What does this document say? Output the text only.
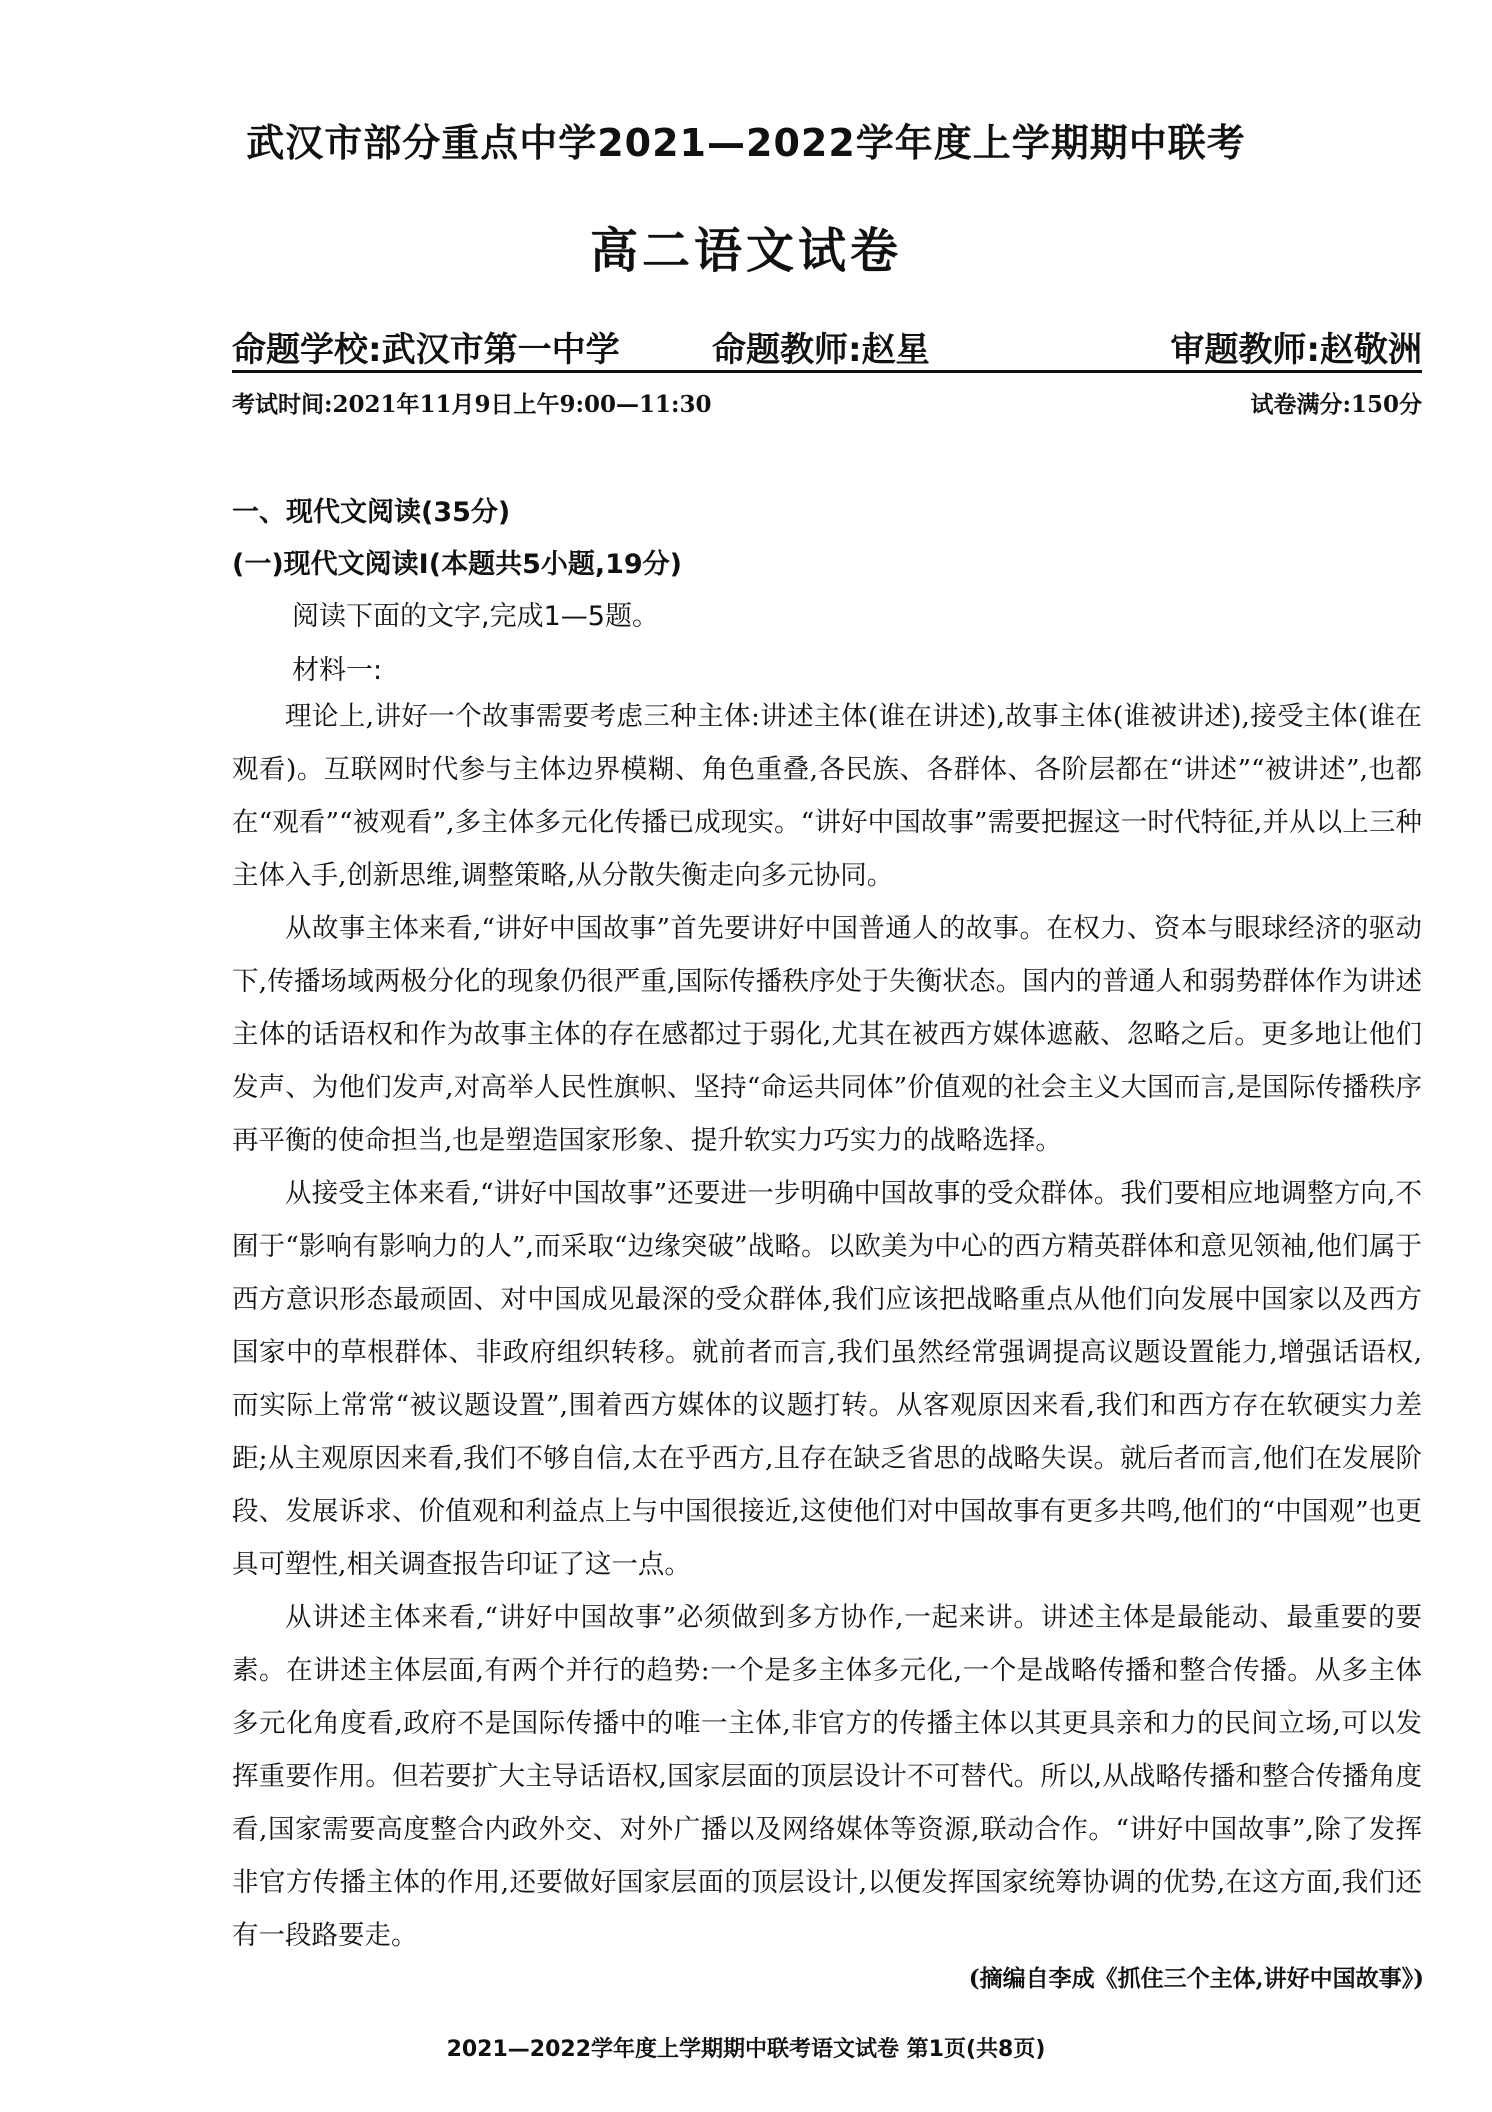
武汉市部分重点中学2021—2022学年度上学期期中联考
高二语文试卷
命题学校:武汉市第一中学	命题教师:赵星	审题教师:赵敬洲
考试时间:2021年11月9日上午9:00—11:30	试卷满分:150分
一、现代文阅读(35分)
(一)现代文阅读Ⅰ(本题共5小题,19分)
阅读下面的文字,完成1—5题。
材料一:

理论上,讲好一个故事需要考虑三种主体:讲述主体(谁在讲述),故事主体(谁被讲述),接受主体(谁在观看)。互联网时代参与主体边界模糊、角色重叠,各民族、各群体、各阶层都在“讲述”“被讲述”,也都在“观看”“被观看”,多主体多元化传播已成现实。“讲好中国故事”需要把握这一时代特征,并从以上三种主体入手,创新思维,调整策略,从分散失衡走向多元协同。

从故事主体来看,“讲好中国故事”首先要讲好中国普通人的故事。在权力、资本与眼球经济的驱动下,传播场域两极分化的现象仍很严重,国际传播秩序处于失衡状态。国内的普通人和弱势群体作为讲述主体的话语权和作为故事主体的存在感都过于弱化,尤其在被西方媒体遮蔽、忽略之后。更多地让他们发声、为他们发声,对高举人民性旗帜、坚持“命运共同体”价值观的社会主义大国而言,是国际传播秩序再平衡的使命担当,也是塑造国家形象、提升软实力巧实力的战略选择。

从接受主体来看,“讲好中国故事”还要进一步明确中国故事的受众群体。我们要相应地调整方向,不囿于“影响有影响力的人”,而采取“边缘突破”战略。以欧美为中心的西方精英群体和意见领袖,他们属于西方意识形态最顽固、对中国成见最深的受众群体,我们应该把战略重点从他们向发展中国家以及西方国家中的草根群体、非政府组织转移。就前者而言,我们虽然经常强调提高议题设置能力,增强话语权,而实际上常常“被议题设置”,围着西方媒体的议题打转。从客观原因来看,我们和西方存在软硬实力差距;从主观原因来看,我们不够自信,太在乎西方,且存在缺乏省思的战略失误。就后者而言,他们在发展阶段、发展诉求、价值观和利益点上与中国很接近,这使他们对中国故事有更多共鸣,他们的“中国观”也更具可塑性,相关调查报告印证了这一点。

从讲述主体来看,“讲好中国故事”必须做到多方协作,一起来讲。讲述主体是最能动、最重要的要素。在讲述主体层面,有两个并行的趋势:一个是多主体多元化,一个是战略传播和整合传播。从多主体多元化角度看,政府不是国际传播中的唯一主体,非官方的传播主体以其更具亲和力的民间立场,可以发挥重要作用。但若要扩大主导话语权,国家层面的顶层设计不可替代。所以,从战略传播和整合传播角度看,国家需要高度整合内政外交、对外广播以及网络媒体等资源,联动合作。“讲好中国故事”,除了发挥非官方传播主体的作用,还要做好国家层面的顶层设计,以便发挥国家统筹协调的优势,在这方面,我们还有一段路要走。

(摘编自李成《抓住三个主体,讲好中国故事》)
2021—2022学年度上学期期中联考语文试卷 第1页(共8页)
